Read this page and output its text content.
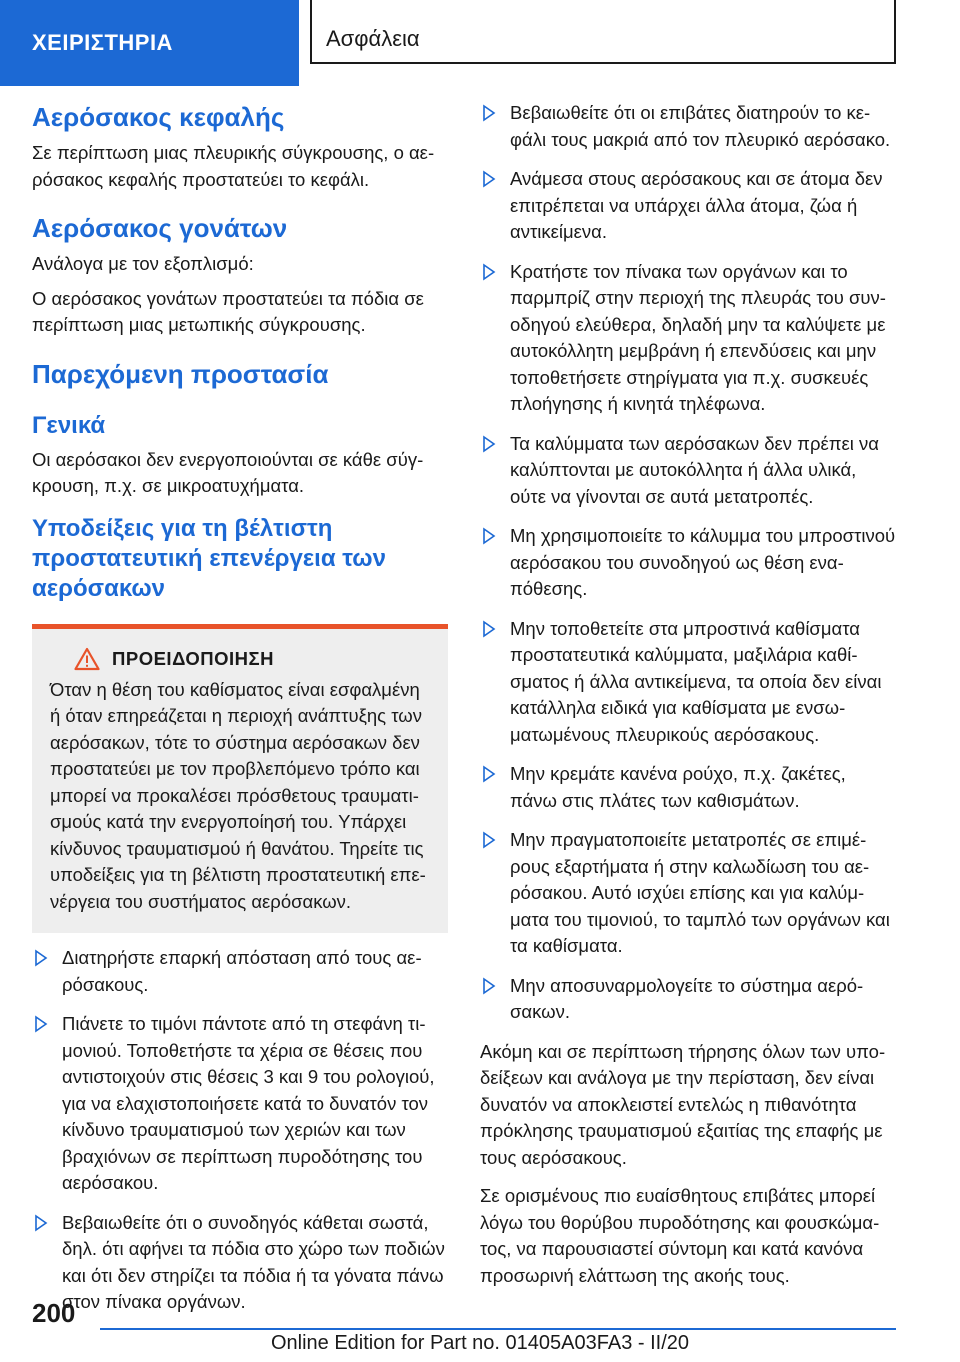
ΧΕΙΡΙΣΤΗΡΙΑ	Ασφάλεια
Αερόσακος κεφαλής

Σε περίπτωση μιας πλευρικής σύγκρουσης, ο αερόσακος κεφαλής προστατεύει το κεφάλι.

Αερόσακος γονάτων

Ανάλογα με τον εξοπλισμό:

Ο αερόσακος γονάτων προστατεύει τα πόδια σε περίπτωση μιας μετωπικής σύγκρουσης.

Παρεχόμενη προστασία
Γενικά

Οι αερόσακοι δεν ενεργοποιούνται σε κάθε σύγκρουση, π.χ. σε μικροατυχήματα.

Υποδείξεις για τη βέλτιστη προστατευτική επενέργεια των αερόσακων
ΠΡΟΕΙΔΟΠΟΙΗΣΗ
Όταν η θέση του καθίσματος είναι εσφαλμένη ή όταν επηρεάζεται η περιοχή ανάπτυξης των αερόσακων, τότε το σύστημα αερόσακων δεν προστατεύει με τον προβλεπόμενο τρόπο και μπορεί να προκαλέσει πρόσθετους τραυματισμούς κατά την ενεργοποίησή του. Υπάρχει κίνδυνος τραυματισμού ή θανάτου. Τηρείτε τις υποδείξεις για τη βέλτιστη προστατευτική επενέργεια του συστήματος αερόσακων.
Διατηρήστε επαρκή απόσταση από τους αερόσακους.
Πιάνετε το τιμόνι πάντοτε από τη στεφάνη τιμονιού. Τοποθετήστε τα χέρια σε θέσεις που αντιστοιχούν στις θέσεις 3 και 9 του ρολογιού, για να ελαχιστοποιήσετε κατά το δυνατόν τον κίνδυνο τραυματισμού των χεριών και των βραχιόνων σε περίπτωση πυροδότησης του αερόσακου.
Βεβαιωθείτε ότι ο συνοδηγός κάθεται σωστά, δηλ. ότι αφήνει τα πόδια στο χώρο των ποδιών και ότι δεν στηρίζει τα πόδια ή τα γόνατα πάνω στον πίνακα οργάνων.
Βεβαιωθείτε ότι οι επιβάτες διατηρούν το κεφάλι τους μακριά από τον πλευρικό αερόσακο.
Ανάμεσα στους αερόσακους και σε άτομα δεν επιτρέπεται να υπάρχει άλλα άτομα, ζώα ή αντικείμενα.
Κρατήστε τον πίνακα των οργάνων και το παρμπρίζ στην περιοχή της πλευράς του συνοδηγού ελεύθερα, δηλαδή μην τα καλύψετε με αυτοκόλλητη μεμβράνη ή επενδύσεις και μην τοποθετήσετε στηρίγματα για π.χ. συσκευές πλοήγησης ή κινητά τηλέφωνα.
Τα καλύμματα των αερόσακων δεν πρέπει να καλύπτονται με αυτοκόλλητα ή άλλα υλικά, ούτε να γίνονται σε αυτά μετατροπές.
Μη χρησιμοποιείτε το κάλυμμα του μπροστινού αερόσακου του συνοδηγού ως θέση εναπόθεσης.
Μην τοποθετείτε στα μπροστινά καθίσματα προστατευτικά καλύμματα, μαξιλάρια καθίσματος ή άλλα αντικείμενα, τα οποία δεν είναι κατάλληλα ειδικά για καθίσματα με ενσωματωμένους πλευρικούς αερόσακους.
Μην κρεμάτε κανένα ρούχο, π.χ. ζακέτες, πάνω στις πλάτες των καθισμάτων.
Μην πραγματοποιείτε μετατροπές σε επιμέρους εξαρτήματα ή στην καλωδίωση του αερόσακου. Αυτό ισχύει επίσης και για καλύμματα του τιμονιού, το ταμπλό των οργάνων και τα καθίσματα.
Μην αποσυναρμολογείτε το σύστημα αερόσακων.

Ακόμη και σε περίπτωση τήρησης όλων των υποδείξεων και ανάλογα με την περίσταση, δεν είναι δυνατόν να αποκλειστεί εντελώς η πιθανότητα πρόκλησης τραυματισμού εξαιτίας της επαφής με τους αερόσακους.

Σε ορισμένους πιο ευαίσθητους επιβάτες μπορεί λόγω του θορύβου πυροδότησης και φουσκώματος, να παρουσιαστεί σύντομη και κατά κανόνα προσωρινή ελάττωση της ακοής τους.

200
Online Edition for Part no. 01405A03FA3 - II/20
